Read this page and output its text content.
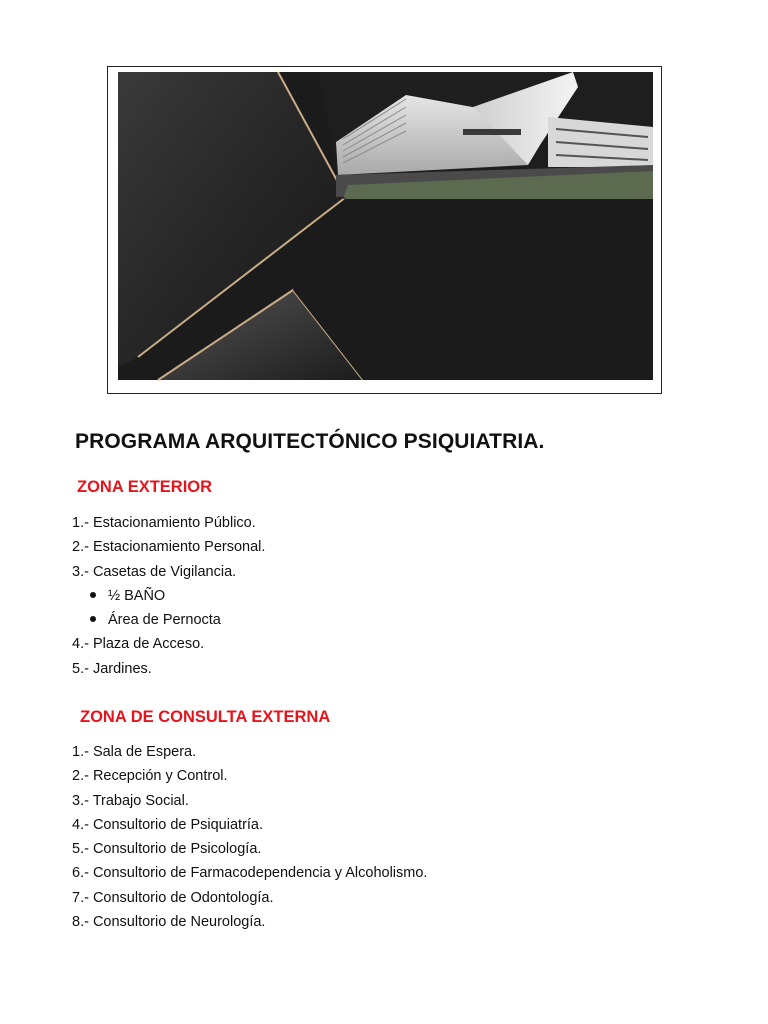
PROGRAMA ARQUITECTÓNICO PSIQUIATRIA.
ZONA EXTERIOR
1.- Estacionamiento Público.
2.- Estacionamiento Personal.
3.- Casetas de Vigilancia.
½ BAÑO
Área de Pernocta
4.- Plaza de Acceso.
5.- Jardines.
ZONA DE CONSULTA EXTERNA
1.- Sala de Espera.
2.- Recepción y Control.
3.- Trabajo Social.
4.- Consultorio de Psiquiatría.
5.- Consultorio de Psicología.
6.- Consultorio de Farmacodependencia y Alcoholismo.
7.- Consultorio de Odontología.
8.- Consultorio de Neurología.
